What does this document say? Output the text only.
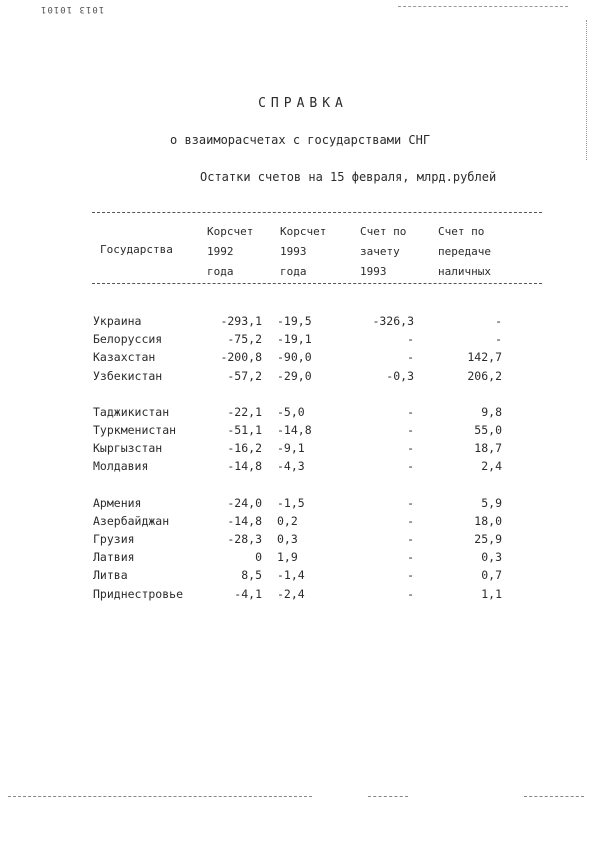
1013 10101
СПРАВКА
о взаиморасчетах с государствами СНГ
Остатки счетов на 15 февраля, млрд.рублей
Государства
Корсчет
1992
года
Корсчет
1993
года
Счет по
зачету
1993
Счет по
передаче
наличных
Украина	-293,1 -19,5	-326,3	-
Белоруссия	-75,2 -19,1	-	-
Казахстан	-200,8 -90,0	-	142,7
Узбекистан	-57,2 -29,0	-0,3	206,2
Таджикистан	-22,1 -5,0	-	9,8
Туркменистан	-51,1 -14,8	-	55,0
Кыргызстан	-16,2 -9,1	-	18,7
Молдавия	-14,8 -4,3	-	2,4
Армения	-24,0 -1,5	-	5,9
Азербайджан	-14,8 0,2	-	18,0
Грузия	-28,3 0,3	-	25,9
Латвия	0 1,9	-	0,3
Литва	8,5 -1,4	-	0,7
Приднестровье	-4,1 -2,4	-	1,1
